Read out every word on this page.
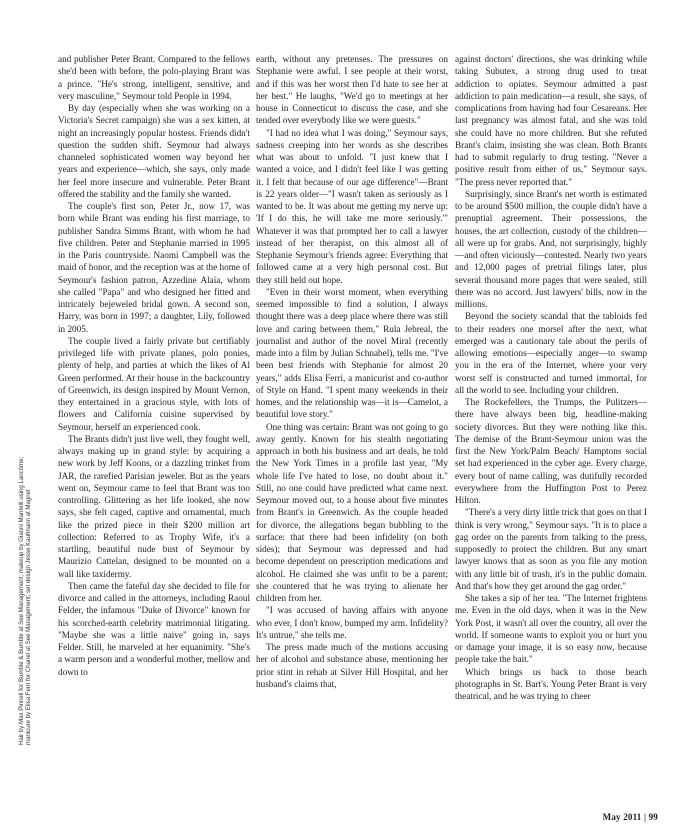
Hair by Max Pinnell for Bumble & Bumble at See Management; makeup by Gianni Mantelli using Lancôme; manicure by Elisa Ferri for Chanel at See Management; set design Jesse Kaufmann at Magnet

and publisher Peter Brant. Compared to the fellows she'd been with before, the polo-playing Brant was a prince. "He's strong, intelligent, sensitive, and very masculine," Seymour told People in 1994.

By day (especially when she was working on a Victoria's Secret campaign) she was a sex kitten, at night an increasingly popular hostess. Friends didn't question the sudden shift. Seymour had always channeled sophisticated women way beyond her years and experience—which, she says, only made her feel more insecure and vulnerable. Peter Brant offered the stability and the family she wanted.

The couple's first son, Peter Jr., now 17, was born while Brant was ending his first marriage, to publisher Sandra Simms Brant, with whom he had five children. Peter and Stephanie married in 1995 in the Paris countryside. Naomi Campbell was the maid of honor, and the reception was at the home of Seymour's fashion patron, Azzedine Alaïa, whom she called "Papa" and who designed her fitted and intricately bejeweled bridal gown. A second son, Harry, was born in 1997; a daughter, Lily, followed in 2005.

The couple lived a fairly private but certifiably privileged life with private planes, polo ponies, plenty of help, and parties at which the likes of Al Green performed. At their house in the backcountry of Greenwich, its design inspired by Mount Vernon, they entertained in a gracious style, with lots of flowers and California cuisine supervised by Seymour, herself an experienced cook.

The Brants didn't just live well, they fought well, always making up in grand style: by acquiring a new work by Jeff Koons, or a dazzling trinket from JAR, the rarefied Parisian jeweler. But as the years went on, Seymour came to feel that Brant was too controlling. Glittering as her life looked, she now says, she felt caged, captive and ornamental, much like the prized piece in their $200 million art collection: Referred to as Trophy Wife, it's a startling, beautiful nude bust of Seymour by Maurizio Cattelan, designed to be mounted on a wall like taxidermy.

Then came the fateful day she decided to file for divorce and called in the attorneys, including Raoul Felder, the infamous "Duke of Divorce" known for his scorched-earth celebrity matrimonial litigating. "Maybe she was a little naive" going in, says Felder. Still, he marveled at her equanimity. "She's a warm person and a wonderful mother, mellow and down to

earth, without any pretenses. The pressures on Stephanie were awful. I see people at their worst, and if this was her worst then I'd hate to see her at her best." He laughs, "We'd go to meetings at her house in Connecticut to discuss the case, and she tended over everybody like we were guests."

"I had no idea what I was doing," Seymour says, sadness creeping into her words as she describes what was about to unfold. "I just knew that I wanted a voice, and I didn't feel like I was getting it. I felt that because of our age difference"—Brant is 22 years older—"I wasn't taken as seriously as I wanted to be. It was about me getting my nerve up: 'If I do this, he will take me more seriously.'" Whatever it was that prompted her to call a lawyer instead of her therapist, on this almost all of Stephanie Seymour's friends agree: Everything that followed came at a very high personal cost. But they still held out hope.

"Even in their worst moment, when everything seemed impossible to find a solution, I always thought there was a deep place where there was still love and caring between them," Rula Jebreal, the journalist and author of the novel Miral (recently made into a film by Julian Schnabel), tells me. "I've been best friends with Stephanie for almost 20 years," adds Elisa Ferri, a manicurist and co-author of Style on Hand. "I spent many weekends in their homes, and the relationship was—it is—Camelot, a beautiful love story."

One thing was certain: Brant was not going to go away gently. Known for his stealth negotiating approach in both his business and art deals, he told the New York Times in a profile last year, "My whole life I've hated to lose, no doubt about it." Still, no one could have predicted what came next. Seymour moved out, to a house about five minutes from Brant's in Greenwich. As the couple headed for divorce, the allegations began bubbling to the surface: that there had been infidelity (on both sides); that Seymour was depressed and had become dependent on prescription medications and alcohol. He claimed she was unfit to be a parent; she countered that he was trying to alienate her children from her.

"I was accused of having affairs with anyone who ever, I don't know, bumped my arm. Infidelity? It's untrue," she tells me.

The press made much of the motions accusing her of alcohol and substance abuse, mentioning her prior stint in rehab at Silver Hill Hospital, and her husband's claims that,

against doctors' directions, she was drinking while taking Subutex, a strong drug used to treat addiction to opiates. Seymour admitted a past addiction to pain medication—a result, she says, of complications from having had four Cesareans. Her last pregnancy was almost fatal, and she was told she could have no more children. But she refuted Brant's claim, insisting she was clean. Both Brants had to submit regularly to drug testing. "Never a positive result from either of us," Seymour says. "The press never reported that."

Surprisingly, since Brant's net worth is estimated to be around $500 million, the couple didn't have a prenuptial agreement. Their possessions, the houses, the art collection, custody of the children—all were up for grabs. And, not surprisingly, highly—and often viciously—contested. Nearly two years and 12,000 pages of pretrial filings later, plus several thousand more pages that were sealed, still there was no accord. Just lawyers' bills, now in the millions.

Beyond the society scandal that the tabloids fed to their readers one morsel after the next, what emerged was a cautionary tale about the perils of allowing emotions—especially anger—to swamp you in the era of the Internet, where your very worst self is constructed and turned immortal, for all the world to see. Including your children.

The Rockefellers, the Trumps, the Pulitzers—there have always been big, headline-making society divorces. But they were nothing like this. The demise of the Brant-Seymour union was the first the New York/Palm Beach/ Hamptons social set had experienced in the cyber age. Every charge, every bout of name calling, was dutifully recorded everywhere from the Huffington Post to Perez Hilton.

"There's a very dirty little trick that goes on that I think is very wrong," Seymour says. "It is to place a gag order on the parents from talking to the press, supposedly to protect the children. But any smart lawyer knows that as soon as you file any motion with any little bit of trash, it's in the public domain. And that's how they get around the gag order."

She takes a sip of her tea. "The Internet frightens me. Even in the old days, when it was in the New York Post, it wasn't all over the country, all over the world. If someone wants to exploit you or hurt you or damage your image, it is so easy now, because people take the bait."

Which brings us back to those beach photographs in St. Bart's. Young Peter Brant is very theatrical, and he was trying to cheer

May 2011 | 99
